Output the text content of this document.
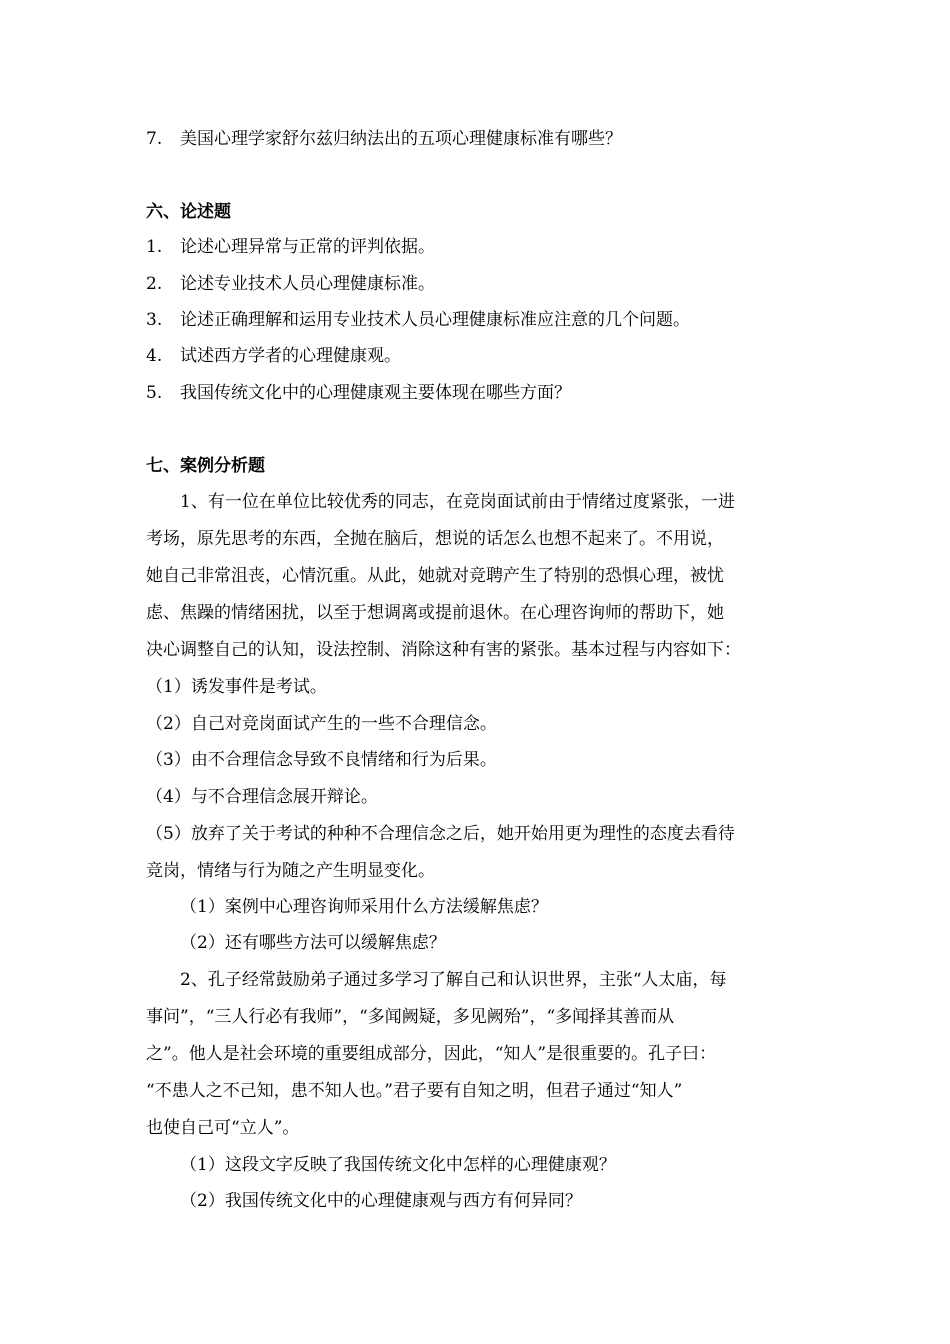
7. 美国心理学家舒尔兹归纳法出的五项心理健康标准有哪些？
六、论述题
1. 论述心理异常与正常的评判依据。
2. 论述专业技术人员心理健康标准。
3. 论述正确理解和运用专业技术人员心理健康标准应注意的几个问题。
4. 试述西方学者的心理健康观。
5. 我国传统文化中的心理健康观主要体现在哪些方面？
七、案例分析题
1、有一位在单位比较优秀的同志，在竞岗面试前由于情绪过度紧张，一进
考场，原先思考的东西，全抛在脑后，想说的话怎么也想不起来了。不用说，
她自己非常沮丧，心情沉重。从此，她就对竞聘产生了特别的恐惧心理，被忧
虑、焦躁的情绪困扰，以至于想调离或提前退休。在心理咨询师的帮助下，她
决心调整自己的认知，设法控制、消除这种有害的紧张。基本过程与内容如下：
（1）诱发事件是考试。
（2）自己对竞岗面试产生的一些不合理信念。
（3）由不合理信念导致不良情绪和行为后果。
（4）与不合理信念展开辩论。
（5）放弃了关于考试的种种不合理信念之后，她开始用更为理性的态度去看待
竞岗，情绪与行为随之产生明显变化。
（1）案例中心理咨询师采用什么方法缓解焦虑？
（2）还有哪些方法可以缓解焦虑？
2、孔子经常鼓励弟子通过多学习了解自己和认识世界，主张“人太庙，每
事问”，“三人行必有我师”，“多闻阙疑，多见阙殆”，“多闻择其善而从
之”。他人是社会环境的重要组成部分，因此，“知人”是很重要的。孔子曰：
“不患人之不己知，患不知人也。”君子要有自知之明，但君子通过“知人”
也使自己可“立人”。
（1）这段文字反映了我国传统文化中怎样的心理健康观？
（2）我国传统文化中的心理健康观与西方有何异同？
